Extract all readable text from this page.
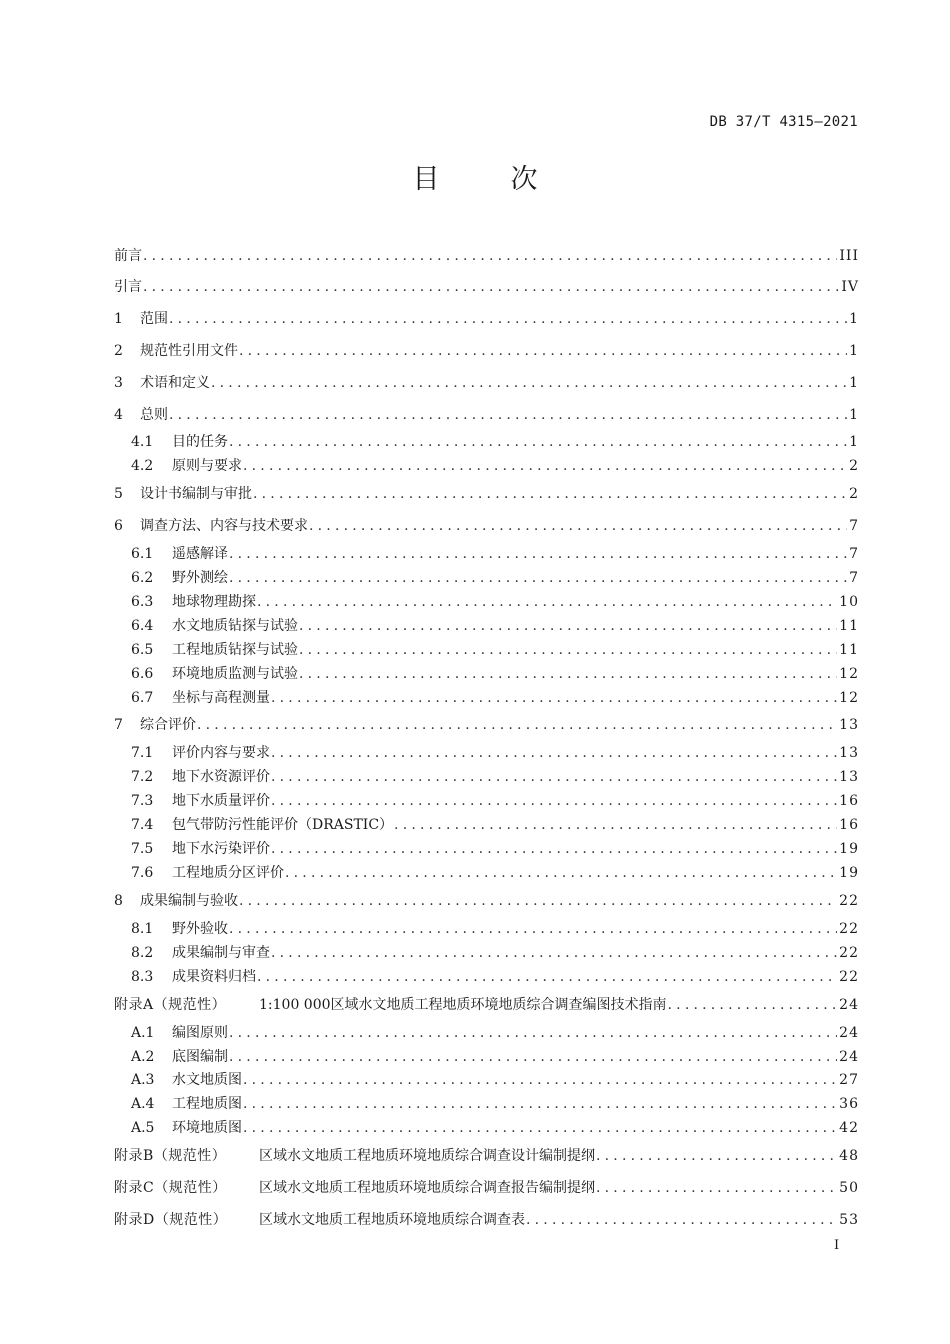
DB 37/T 4315—2021
目　次
前言 .....	III
引言 .....	IV
1	范围 .....	1
2	规范性引用文件 .....	1
3	术语和定义 .....	1
4	总则 .....	1
4.1	目的任务 .....	1
4.2	原则与要求 .....	2
5	设计书编制与审批 .....	2
6	调查方法、内容与技术要求 .....	7
6.1	遥感解译 .....	7
6.2	野外测绘 .....	7
6.3	地球物理勘探 .....	10
6.4	水文地质钻探与试验 .....	11
6.5	工程地质钻探与试验 .....	11
6.6	环境地质监测与试验 .....	12
6.7	坐标与高程测量 .....	12
7	综合评价 .....	13
7.1	评价内容与要求 .....	13
7.2	地下水资源评价 .....	13
7.3	地下水质量评价 .....	16
7.4	包气带防污性能评价（DRASTIC） .....	16
7.5	地下水污染评价 .....	19
7.6	工程地质分区评价 .....	19
8	成果编制与验收 .....	22
8.1	野外验收 .....	22
8.2	成果编制与审查 .....	22
8.3	成果资料归档 .....	22
附录A（规范性）	1:100 000区域水文地质工程地质环境地质综合调查编图技术指南 .....	24
A.1	编图原则 .....	24
A.2	底图编制 .....	24
A.3	水文地质图 .....	27
A.4	工程地质图 .....	36
A.5	环境地质图 .....	42
附录B（规范性）	区域水文地质工程地质环境地质综合调查设计编制提纲 .....	48
附录C（规范性）	区域水文地质工程地质环境地质综合调查报告编制提纲 .....	50
附录D（规范性）	区域水文地质工程地质环境地质综合调查表 .....	53
I
